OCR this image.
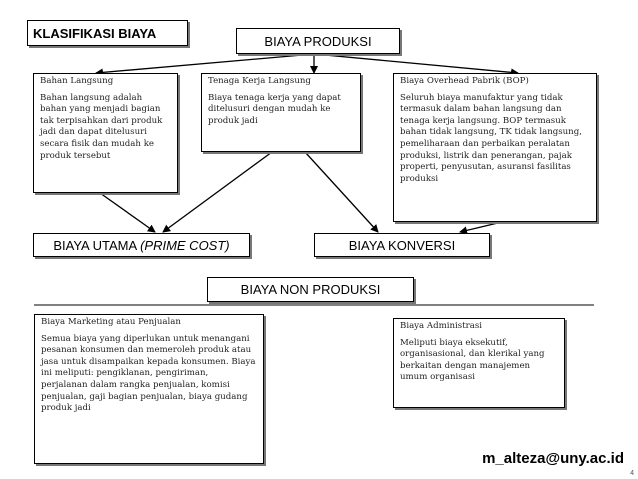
KLASIFIKASI BIAYA
BIAYA PRODUKSI
Bahan Langsung
Bahan langsung adalah bahan yang menjadi bagian tak terpisahkan dari produk jadi dan dapat ditelusuri secara fisik dan mudah ke produk tersebut
Tenaga Kerja Langsung
Biaya tenaga kerja yang dapat ditelusuri dengan mudah ke produk jadi
Biaya Overhead Pabrik (BOP)
Seluruh biaya manufaktur yang tidak termasuk dalam bahan langsung dan tenaga kerja langsung. BOP termasuk bahan tidak langsung, TK tidak langsung, pemeliharaan dan perbaikan peralatan produksi, listrik dan penerangan, pajak properti, penyusutan, asuransi fasilitas produksi
BIAYA UTAMA (PRIME COST)	BIAYA KONVERSI
BIAYA NON PRODUKSI
Biaya Marketing atau Penjualan
Semua biaya yang diperlukan untuk menangani pesanan konsumen dan memeroleh produk atau jasa untuk disampaikan kepada konsumen. Biaya ini meliputi: pengiklanan, pengiriman, perjalanan dalam rangka penjualan, komisi penjualan, gaji bagian penjualan, biaya gudang produk jadi
Biaya Administrasi
Meliputi biaya eksekutif, organisasional, dan klerikal yang berkaitan dengan manajemen umum organisasi
m_alteza@uny.ac.id
4
